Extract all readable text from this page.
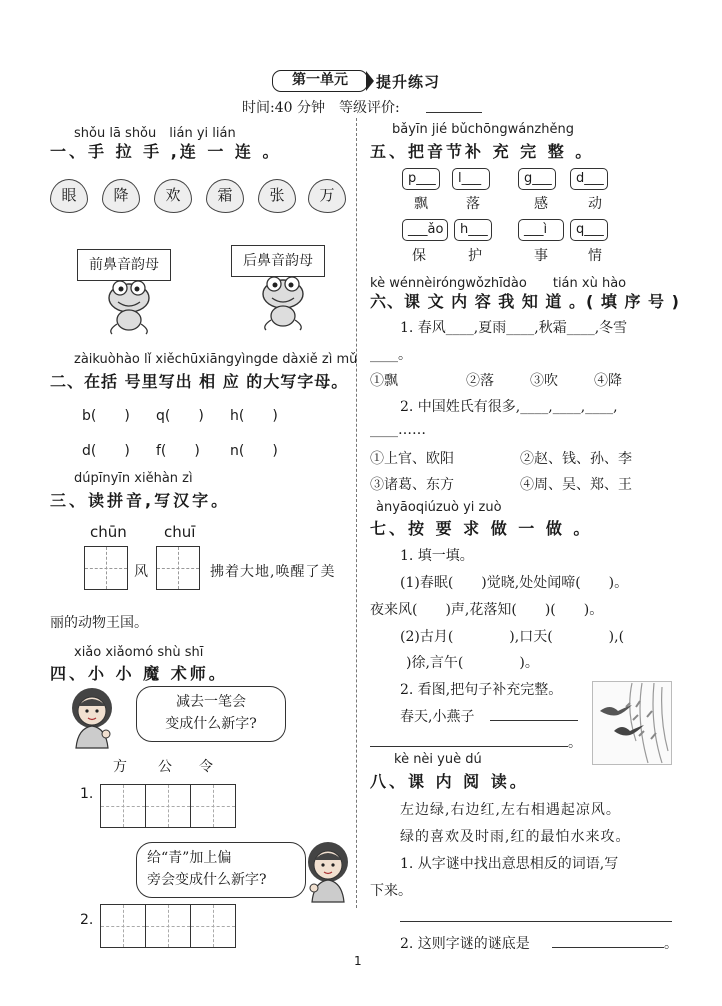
第一单元	提升练习
时间:40 分钟　等级评价:
shǒu lā shǒu　lián yi lián
一、手 拉 手 ,连 一 连 。
眼	降	欢	霜	张	万
前鼻音韵母	后鼻音韵母
zàikuòhào lǐ xiěchūxiāngyìngde dàxiě zì mǔ
二、在括 号里写出 相 应 的大写字母。
b(　　) q(　　) h(　　)
d(　　) f(　　) n(　　)
dúpīnyīn xiěhàn zì
三、读拼音,写汉字。
chūn chuī
风	拂着大地,唤醒了美
丽的动物王国。
xiǎo xiǎomó shù shī
四、小 小 魔 术师。
减去一笔会
变成什么新字?
方 公 令
1.
给“青”加上偏
旁会变成什么新字?
2.
bǎyīn jié bǔchōngwánzhěng
五、把音节补 充 完 整 。
p___	l___	g___	d___
飘	落	感	动
___ǎo	h___	___ì	q___
保	护	事	情
kè wénnèiróngwǒzhīdào　　tián xù hào
六、课 文 内 容 我 知 道 。( 填 序 号 )
1. 春风____,夏雨____,秋霜____,冬雪
____。
①飘	②落	③吹	④降
2. 中国姓氏有很多,____,____,____,
____……
①上官、欧阳	②赵、钱、孙、李
③诸葛、东方	④周、吴、郑、王
ànyāoqiúzuò yi zuò
七、按 要 求 做 一 做 。
1. 填一填。
(1)春眠(　　)觉晓,处处闻啼(　　)。
夜来风(　　)声,花落知(　　)(　　)。
(2)古月(　　　　),口天(　　　　),(
　)徐,言午(　　　　)。
2. 看图,把句子补充完整。
春天,小燕子
。
kè nèi yuè dú
八、课 内 阅 读。
左边绿,右边红,左右相遇起凉风。
绿的喜欢及时雨,红的最怕水来攻。
1. 从字谜中找出意思相反的词语,写
下来。
2. 这则字谜的谜底是	。
1
